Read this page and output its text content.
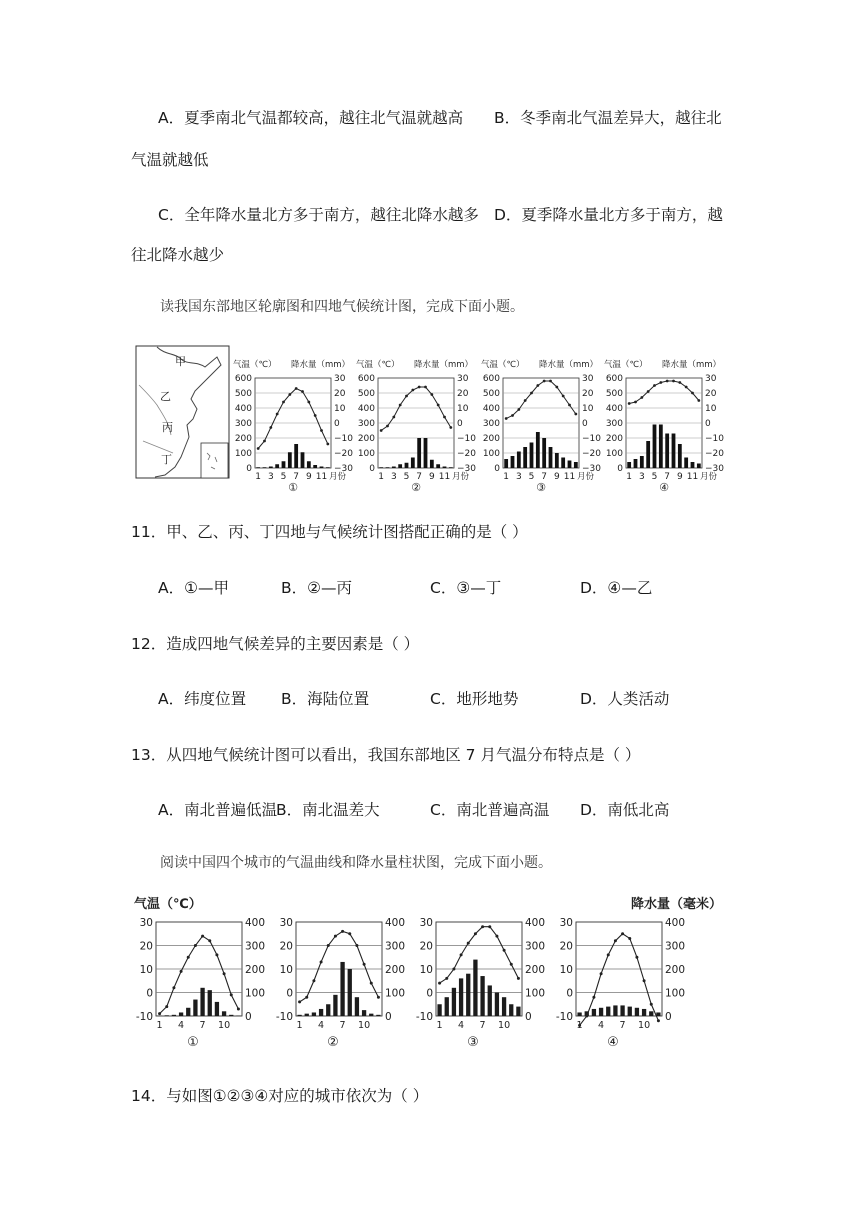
A．夏季南北气温都较高，越往北气温就越高 B．冬季南北气温差异大，越往北
气温就越低
C．全年降水量北方多于南方，越往北降水越多 D．夏季降水量北方多于南方，越
往北降水越少
读我国东部地区轮廓图和四地气候统计图，完成下面小题。
甲
乙
丙
丁
气温（℃） 降水量（mm）
600
500
400
300
200
100
0
30
20
10
0
−10
−20
−30
1 3 5 7 9 11 月份
①
气温（℃） 降水量（mm）
600
500
400
300
200
100
0
30
20
10
0
−10
−20
−30
1 3 5 7 9 11 月份
②
气温（℃） 降水量（mm）
600
500
400
300
200
100
0
30
20
10
0
−10
−20
−30
1 3 5 7 9 11 月份
③
气温（℃） 降水量（mm）
600
500
400
300
200
100
0
30
20
10
0
−10
−20
−30
1 3 5 7 9 11 月份
④
11．甲、乙、丙、丁四地与气候统计图搭配正确的是（ ）
A．①—甲	B．②—丙	C．③—丁	D．④—乙
12．造成四地气候差异的主要因素是（ ）
A．纬度位置 B．海陆位置	C．地形地势	D．人类活动
13．从四地气候统计图可以看出，我国东部地区 7 月气温分布特点是（ ）
A．南北普遍低温
B．南北温差大	C．南北普遍高温 D．南低北高
阅读中国四个城市的气温曲线和降水量柱状图，完成下面小题。
气温（℃）	降水量（毫米）
30
20
10
0
-10
400
300
200
100
0
1 4 7 10
①
30
20
10
0
-10
400
300
200
100
0
1 4 7 10
②
30
20
10
0
-10
400
300
200
100
0
1 4 7 10
③
30
20
10
0
-10
400
300
200
100
0
1 4 7 10
④
14．与如图①②③④对应的城市依次为（ ）
